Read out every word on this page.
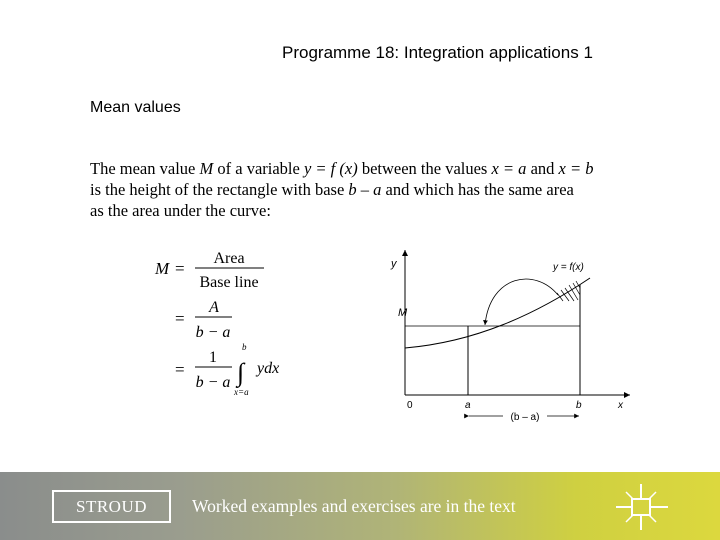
Programme 18: Integration applications 1
Mean values
The mean value M of a variable y = f (x) between the values x = a and x = b
is the height of the rectangle with base b – a and which has the same area
as the area under the curve:
M =
Area
Base line
=
A
b − a
=
1
b − a
b
∫
x=a
ydx
y	y = f(x)
M
0	a	b	x
(b – a)
STROUD	Worked examples and exercises are in the text
